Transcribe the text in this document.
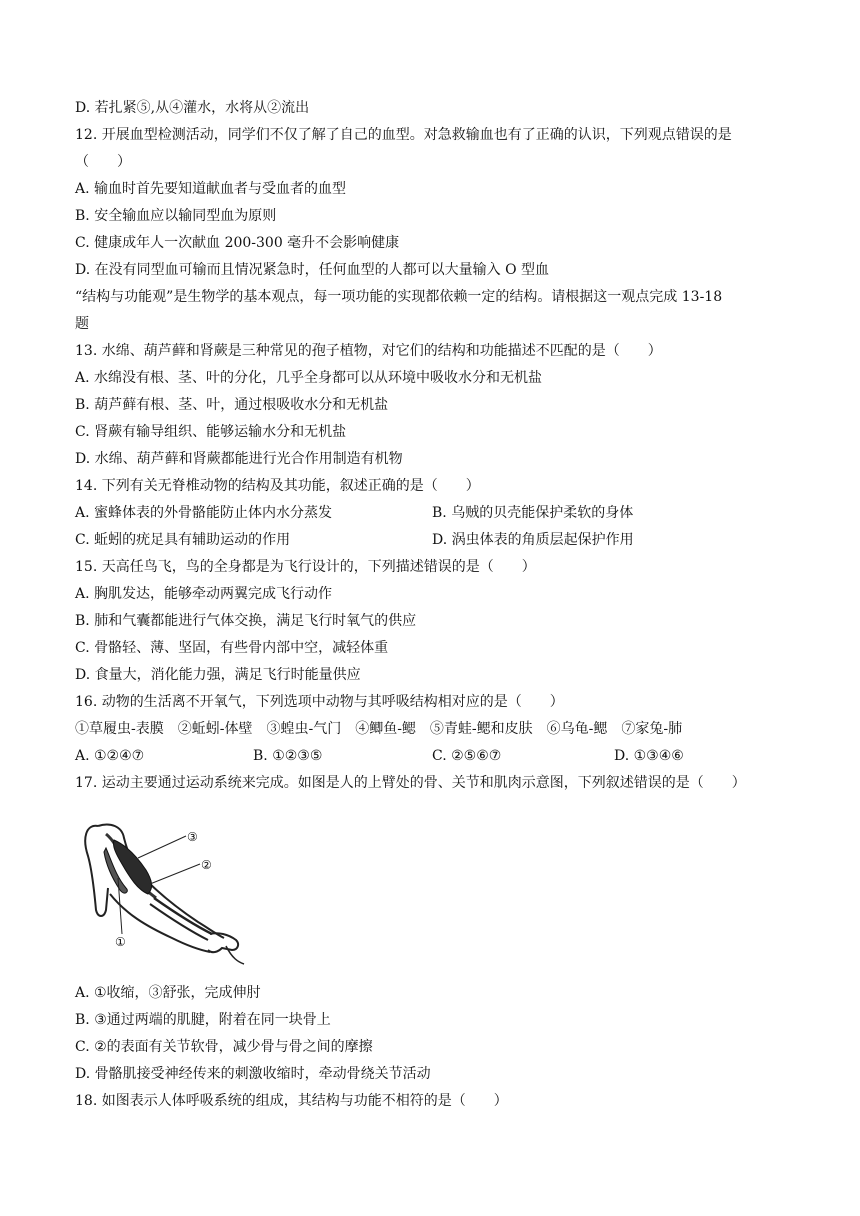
D. 若扎紧⑤,从④灌水，水将从②流出
12. 开展血型检测活动，同学们不仅了解了自己的血型。对急救输血也有了正确的认识，下列观点错误的是
（　　）
A. 输血时首先要知道献血者与受血者的血型
B. 安全输血应以输同型血为原则
C. 健康成年人一次献血 200-300 毫升不会影响健康
D. 在没有同型血可输而且情况紧急时，任何血型的人都可以大量输入 O 型血
“结构与功能观”是生物学的基本观点，每一项功能的实现都依赖一定的结构。请根据这一观点完成 13-18
题
13. 水绵、葫芦藓和肾蕨是三种常见的孢子植物，对它们的结构和功能描述不匹配的是（　　）
A. 水绵没有根、茎、叶的分化，几乎全身都可以从环境中吸收水分和无机盐
B. 葫芦藓有根、茎、叶，通过根吸收水分和无机盐
C. 肾蕨有输导组织、能够运输水分和无机盐
D. 水绵、葫芦藓和肾蕨都能进行光合作用制造有机物
14. 下列有关无脊椎动物的结构及其功能，叙述正确的是（　　）
A. 蜜蜂体表的外骨骼能防止体内水分蒸发	B. 乌贼的贝壳能保护柔软的身体
C. 蚯蚓的疣足具有辅助运动的作用	D. 涡虫体表的角质层起保护作用
15. 天高任鸟飞，鸟的全身都是为飞行设计的，下列描述错误的是（　　）
A. 胸肌发达，能够牵动两翼完成飞行动作
B. 肺和气囊都能进行气体交换，满足飞行时氧气的供应
C. 骨骼轻、薄、坚固，有些骨内部中空，减轻体重
D. 食量大，消化能力强，满足飞行时能量供应
16. 动物的生活离不开氧气，下列选项中动物与其呼吸结构相对应的是（　　）
①草履虫-表膜　②蚯蚓-体壁　③蝗虫-气门　④鲫鱼-鳃　⑤青蛙-鳃和皮肤　⑥乌龟-鳃　⑦家兔-肺
A. ①②④⑦	B. ①②③⑤	C. ②⑤⑥⑦	D. ①③④⑥
17. 运动主要通过运动系统来完成。如图是人的上臂处的骨、关节和肌肉示意图，下列叙述错误的是（　　）
③
②
①
A. ①收缩，③舒张，完成伸肘
B. ③通过两端的肌腱，附着在同一块骨上
C. ②的表面有关节软骨，减少骨与骨之间的摩擦
D. 骨骼肌接受神经传来的刺激收缩时，牵动骨绕关节活动
18. 如图表示人体呼吸系统的组成，其结构与功能不相符的是（　　）
